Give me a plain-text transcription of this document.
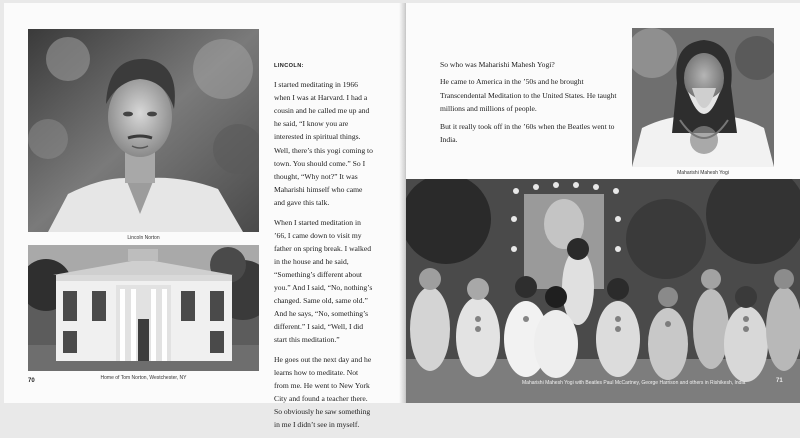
Lincoln Norton
Home of Tom Norton, Westchester, NY
70
LINCOLN:

I started meditating in 1966 when I was at Harvard. I had a cousin and he called me up and he said, “I know you are interested in spiritual things. Well, there’s this yogi coming to town. You should come.” So I thought, “Why not?” It was Maharishi himself who came and gave this talk.

When I started meditation in ’66, I came down to visit my father on spring break. I walked in the house and he said, “Something’s different about you.” And I said, “No, nothing’s changed. Same old, same old.” And he says, “No, something’s different.” I said, “Well, I did start this meditation.”

He goes out the next day and he learns how to meditate. Not from me. He went to New York City and found a teacher there. So obviously he saw something in me I didn’t see in myself.

So who was Maharishi Mahesh Yogi?

He came to America in the ’50s and he brought Transcendental Meditation to the United States. He taught millions and millions of people.

But it really took off in the ’60s when the Beatles went to India.

Maharishi Mahesh Yogi
Maharishi Mahesh Yogi with Beatles Paul McCartney, George Harrison and others in Rishikesh, India	71
